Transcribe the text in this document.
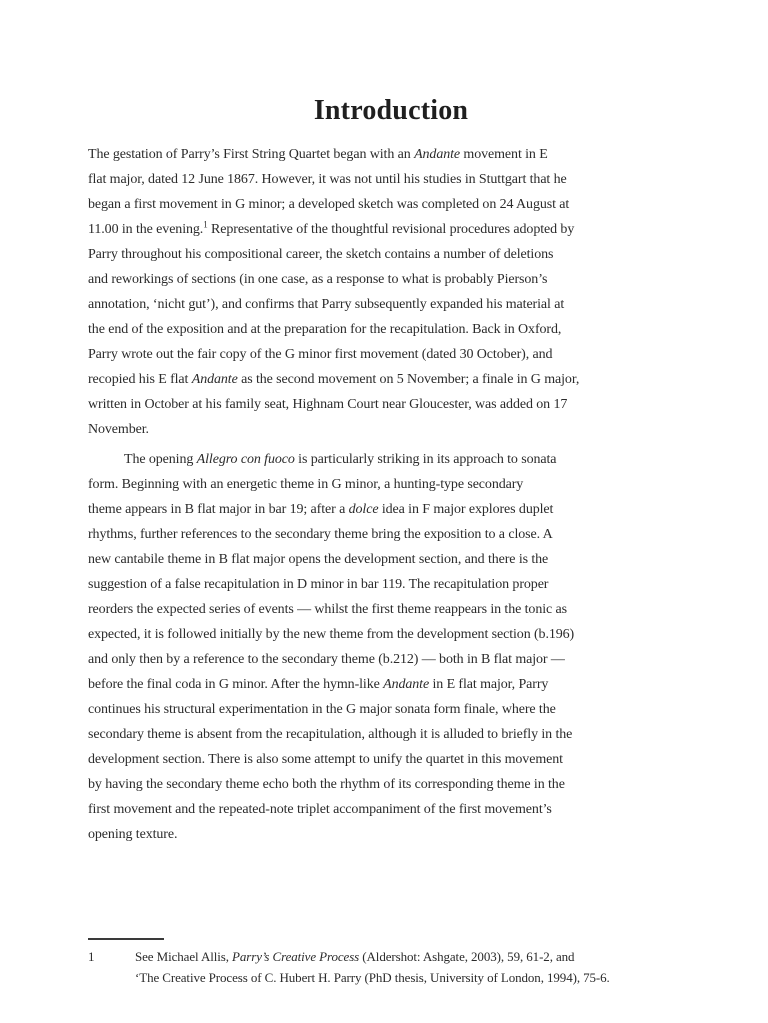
Introduction
The gestation of Parry’s First String Quartet began with an Andante movement in E
flat major, dated 12 June 1867. However, it was not until his studies in Stuttgart that he
began a first movement in G minor; a developed sketch was completed on 24 August at
11.00 in the evening.$^1$ Representative of the thoughtful revisional procedures adopted by
Parry throughout his compositional career, the sketch contains a number of deletions
and reworkings of sections (in one case, as a response to what is probably Pierson’s
annotation, ‘nicht gut’), and confirms that Parry subsequently expanded his material at
the end of the exposition and at the preparation for the recapitulation. Back in Oxford,
Parry wrote out the fair copy of the G minor first movement (dated 30 October), and
recopied his E flat Andante as the second movement on 5 November; a finale in G major,
written in October at his family seat, Highnam Court near Gloucester, was added on 17
November.
The opening Allegro con fuoco is particularly striking in its approach to sonata
form. Beginning with an energetic theme in G minor, a hunting-type secondary
theme appears in B flat major in bar 19; after a dolce idea in F major explores duplet
rhythms, further references to the secondary theme bring the exposition to a close. A
new cantabile theme in B flat major opens the development section, and there is the
suggestion of a false recapitulation in D minor in bar 119. The recapitulation proper
reorders the expected series of events — whilst the first theme reappears in the tonic as
expected, it is followed initially by the new theme from the development section (b.196)
and only then by a reference to the secondary theme (b.212) — both in B flat major —
before the final coda in G minor. After the hymn-like Andante in E flat major, Parry
continues his structural experimentation in the G major sonata form finale, where the
secondary theme is absent from the recapitulation, although it is alluded to briefly in the
development section. There is also some attempt to unify the quartet in this movement
by having the secondary theme echo both the rhythm of its corresponding theme in the
first movement and the repeated-note triplet accompaniment of the first movement’s
opening texture.
1	See Michael Allis, Parry’s Creative Process (Aldershot: Ashgate, 2003), 59, 61-2, and
‘The Creative Process of C. Hubert H. Parry (PhD thesis, University of London, 1994), 75-6.
